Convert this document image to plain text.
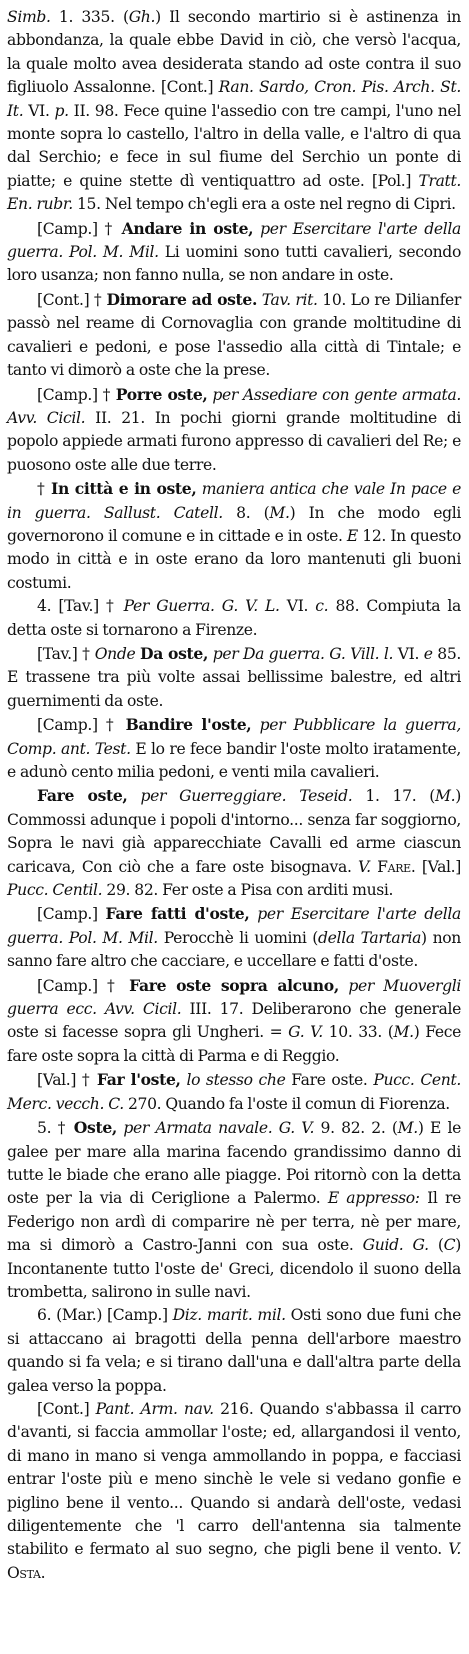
Simb. 1. 335. (Gh.) Il secondo martirio si è astinenza in abbondanza, la quale ebbe David in ciò, che versò l'acqua, la quale molto avea desiderata stando ad oste contra il suo figliuolo Assalonne. [Cont.] Ran. Sardo, Cron. Pis. Arch. St. It. VI. p. II. 98. Fece quine l'assedio con tre campi, l'uno nel monte sopra lo castello, l'altro in della valle, e l'altro di qua dal Serchio; e fece in sul fiume del Serchio un ponte di piatte; e quine stette dì ventiquattro ad oste. [Pol.] Tratt. En. rubr. 15. Nel tempo ch'egli era a oste nel regno di Cipri.

[Camp.] † Andare in oste, per Esercitare l'arte della guerra. Pol. M. Mil. Li uomini sono tutti cavalieri, secondo loro usanza; non fanno nulla, se non andare in oste.

[Cont.] † Dimorare ad oste. Tav. rit. 10. Lo re Dilianfer passò nel reame di Cornovaglia con grande moltitudine di cavalieri e pedoni, e pose l'assedio alla città di Tintale; e tanto vi dimorò a oste che la prese.

[Camp.] † Porre oste, per Assediare con gente armata. Avv. Cicil. II. 21. In pochi giorni grande moltitudine di popolo appiede armati furono appresso di cavalieri del Re; e puosono oste alle due terre.

† In città e in oste, maniera antica che vale In pace e in guerra. Sallust. Catell. 8. (M.) In che modo egli governorono il comune e in cittade e in oste. E 12. In questo modo in città e in oste erano da loro mantenuti gli buoni costumi.

4. [Tav.] † Per Guerra. G. V. L. VI. c. 88. Compiuta la detta oste si tornarono a Firenze.

[Tav.] † Onde Da oste, per Da guerra. G. Vill. l. VI. e 85. E trassene tra più volte assai bellissime balestre, ed altri guernimenti da oste.

[Camp.] † Bandire l'oste, per Pubblicare la guerra, Comp. ant. Test. E lo re fece bandir l'oste molto iratamente, e adunò cento milia pedoni, e venti mila cavalieri.

Fare oste, per Guerreggiare. Teseid. 1. 17. (M.) Commossi adunque i popoli d'intorno... senza far soggiorno, Sopra le navi già apparecchiate Cavalli ed arme ciascun caricava, Con ciò che a fare oste bisognava. V. Fare. [Val.] Pucc. Centil. 29. 82. Fer oste a Pisa con arditi musi.

[Camp.] Fare fatti d'oste, per Esercitare l'arte della guerra. Pol. M. Mil. Perocchè li uomini (della Tartaria) non sanno fare altro che cacciare, e uccellare e fatti d'oste.

[Camp.] † Fare oste sopra alcuno, per Muovergli guerra ecc. Avv. Cicil. III. 17. Deliberarono che generale oste si facesse sopra gli Ungheri. = G. V. 10. 33. (M.) Fece fare oste sopra la città di Parma e di Reggio.

[Val.] † Far l'oste, lo stesso che Fare oste. Pucc. Cent. Merc. vecch. C. 270. Quando fa l'oste il comun di Fiorenza.

5. † Oste, per Armata navale. G. V. 9. 82. 2. (M.) E le galee per mare alla marina facendo grandissimo danno di tutte le biade che erano alle piagge. Poi ritornò con la detta oste per la via di Ceriglione a Palermo. E appresso: Il re Federigo non ardì di comparire nè per terra, nè per mare, ma si dimorò a Castro-Janni con sua oste. Guid. G. (C) Incontanente tutto l'oste de' Greci, dicendolo il suono della trombetta, salirono in sulle navi.

6. (Mar.) [Camp.] Diz. marit. mil. Osti sono due funi che si attaccano ai bragotti della penna dell'arbore maestro quando si fa vela; e si tirano dall'una e dall'altra parte della galea verso la poppa.

[Cont.] Pant. Arm. nav. 216. Quando s'abbassa il carro d'avanti, si faccia ammollar l'oste; ed, allargandosi il vento, di mano in mano si venga ammollando in poppa, e facciasi entrar l'oste più e meno sinchè le vele si vedano gonfie e piglino bene il vento... Quando si andarà dell'oste, vedasi diligentemente che 'l carro dell'antenna sia talmente stabilito e fermato al suo segno, che pigli bene il vento. V. Osta.
